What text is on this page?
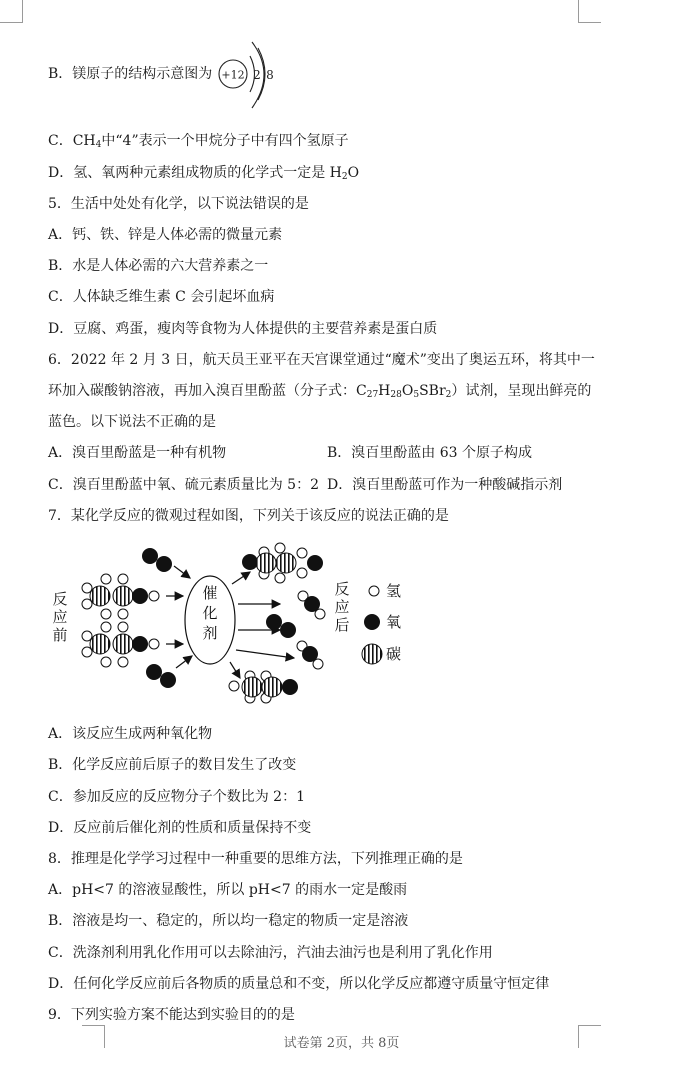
B．镁原子的结构示意图为 +12 2 8
C．$CH_4$中“4”表示一个甲烷分子中有四个氢原子
D．氢、氧两种元素组成物质的化学式一定是 $H_2O$
5．生活中处处有化学，以下说法错误的是
A．钙、铁、锌是人体必需的微量元素
B．水是人体必需的六大营养素之一
C．人体缺乏维生素 C 会引起坏血病
D．豆腐、鸡蛋，瘦肉等食物为人体提供的主要营养素是蛋白质
6．2022 年 2 月 3 日，航天员王亚平在天宫课堂通过“魔术”变出了奥运五环，将其中一
环加入碳酸钠溶液，再加入溴百里酚蓝（分子式：$C_{27}H_{28}O_5SBr_2$）试剂，呈现出鲜亮的
蓝色。以下说法不正确的是
A．溴百里酚蓝是一种有机物	B．溴百里酚蓝由 63 个原子构成
C．溴百里酚蓝中氧、硫元素质量比为 5：2 D．溴百里酚蓝可作为一种酸碱指示剂
7．某化学反应的微观过程如图，下列关于该反应的说法正确的是
反
应
前
催
化
剂
反
应
后
氢
氧
碳
A．该反应生成两种氧化物
B．化学反应前后原子的数目发生了改变
C．参加反应的反应物分子个数比为 2：1
D．反应前后催化剂的性质和质量保持不变
8．推理是化学学习过程中一种重要的思维方法，下列推理正确的是
A．pH<7 的溶液显酸性，所以 pH<7 的雨水一定是酸雨
B．溶液是均一、稳定的，所以均一稳定的物质一定是溶液
C．洗涤剂利用乳化作用可以去除油污，汽油去油污也是利用了乳化作用
D．任何化学反应前后各物质的质量总和不变，所以化学反应都遵守质量守恒定律
9．下列实验方案不能达到实验目的的是
试卷第 2页，共 8页
